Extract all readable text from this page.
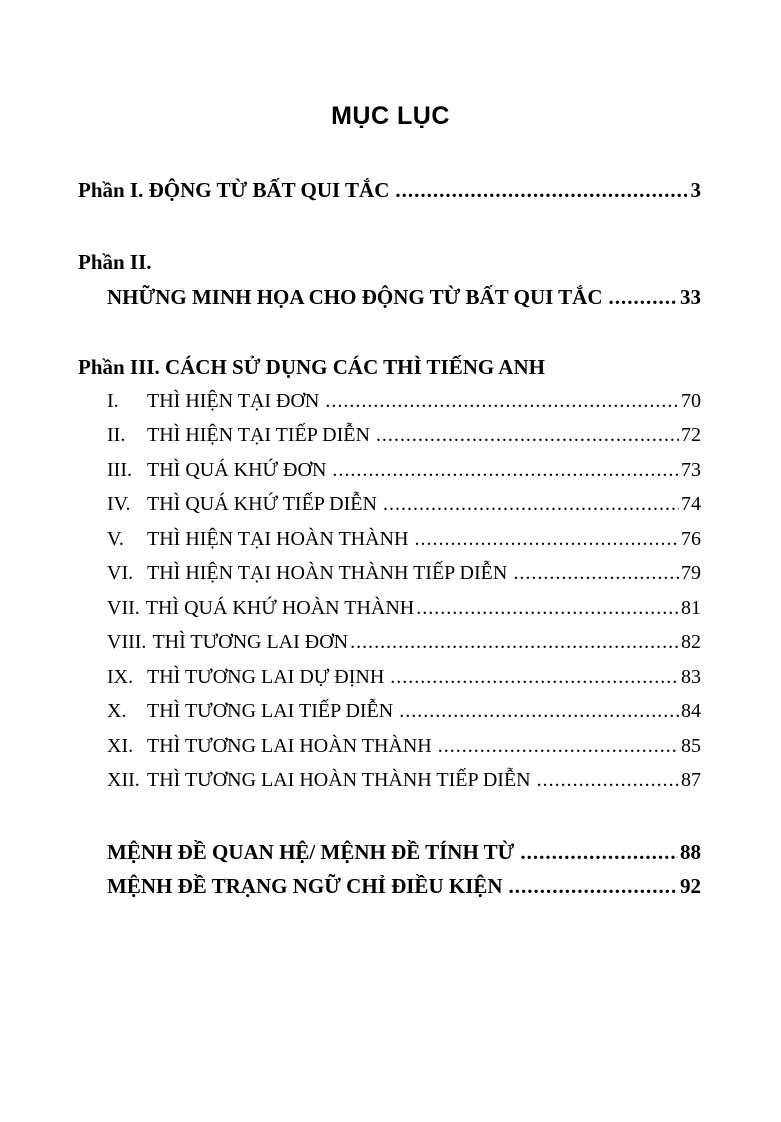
MỤC LỤC
Phần I. ĐỘNG TỪ BẤT QUI TẮC .....	3
Phần II.
NHỮNG MINH HỌA CHO ĐỘNG TỪ BẤT QUI TẮC .....	33
Phần III. CÁCH SỬ DỤNG CÁC THÌ TIẾNG ANH
I.	THÌ HIỆN TẠI ĐƠN .....	70
II.	THÌ HIỆN TẠI TIẾP DIỄN .....	72
III. THÌ QUÁ KHỨ ĐƠN .....	73
IV. THÌ QUÁ KHỨ TIẾP DIỄN .....	74
V.	THÌ HIỆN TẠI HOÀN THÀNH .....	76
VI. THÌ HIỆN TẠI HOÀN THÀNH TIẾP DIỄN .....	79
VII. THÌ QUÁ KHỨ HOÀN THÀNH .....	81
VIII. THÌ TƯƠNG LAI ĐƠN .....	82
IX. THÌ TƯƠNG LAI DỰ ĐỊNH .....	83
X.	THÌ TƯƠNG LAI TIẾP DIỄN .....	84
XI. THÌ TƯƠNG LAI HOÀN THÀNH .....	85
XII. THÌ TƯƠNG LAI HOÀN THÀNH TIẾP DIỄN .....	87
MỆNH ĐỀ QUAN HỆ/ MỆNH ĐỀ TÍNH TỪ .....	88
MỆNH ĐỀ TRẠNG NGỮ CHỈ ĐIỀU KIỆN .....	92
